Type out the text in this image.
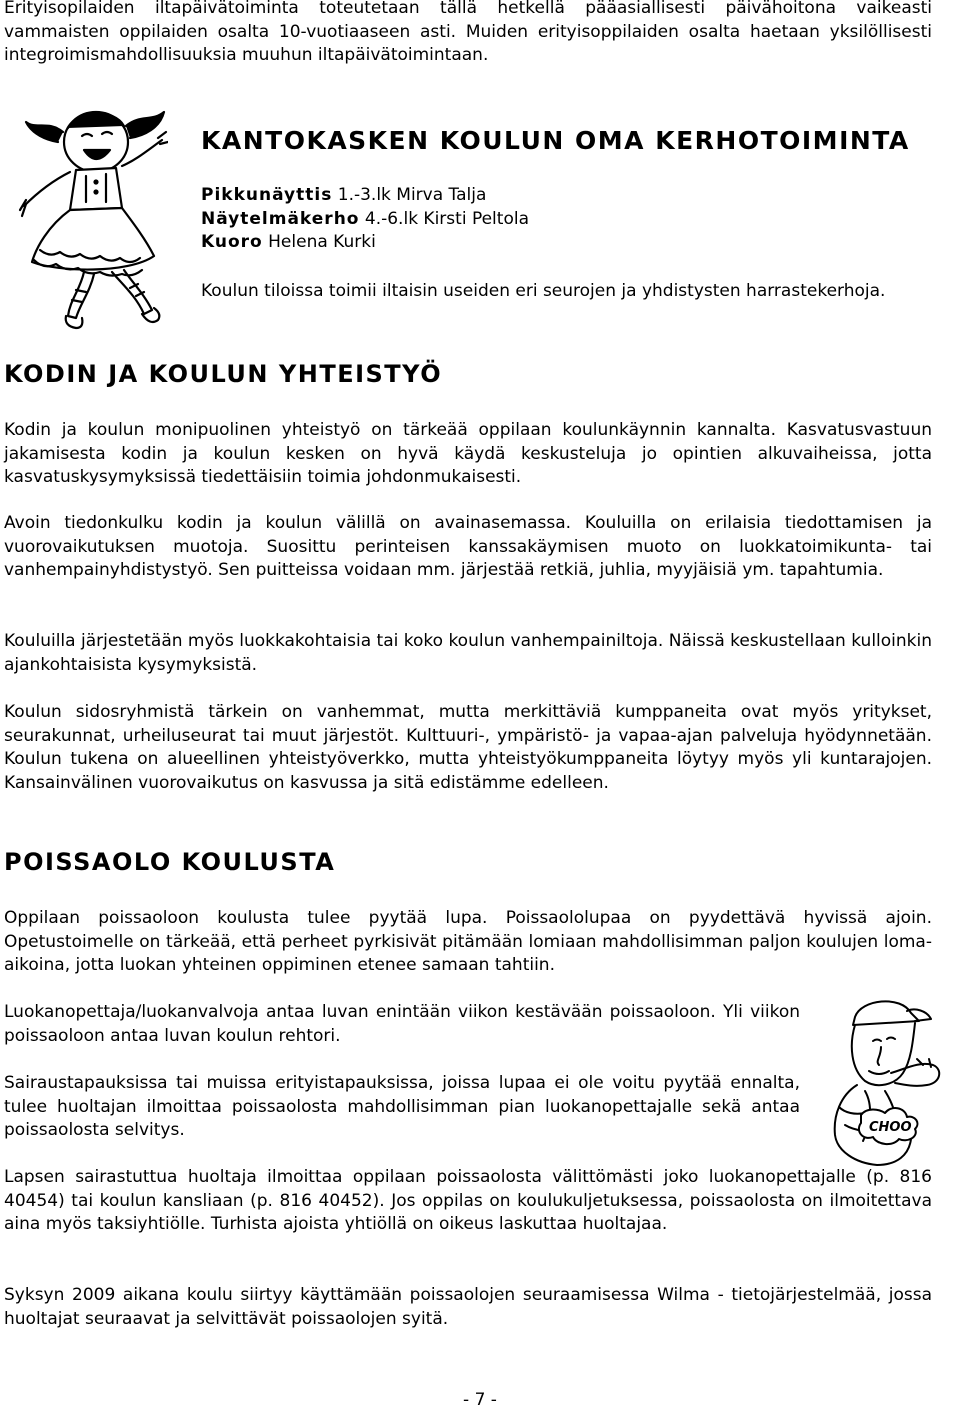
Erityisopilaiden iltapäivätoiminta toteutetaan tällä hetkellä pääasiallisesti päivähoitona vaikeasti vammaisten oppilaiden osalta 10-vuotiaaseen asti. Muiden erityisoppilaiden osalta haetaan yksilöllisesti integroimismahdollisuuksia muuhun iltapäivätoimintaan.

KANTOKASKEN KOULUN OMA KERHOTOIMINTA
Pikkunäyttis 1.-3.lk Mirva Talja
Näytelmäkerho 4.-6.lk Kirsti Peltola
Kuoro Helena Kurki

Koulun tiloissa toimii iltaisin useiden eri seurojen ja yhdistysten harrastekerhoja.

KODIN JA KOULUN YHTEISTYÖ

Kodin ja koulun monipuolinen yhteistyö on tärkeää oppilaan koulunkäynnin kannalta. Kasvatusvastuun jakamisesta kodin ja koulun kesken on hyvä käydä keskusteluja jo opintien alkuvaiheissa, jotta kasvatuskysymyksissä tiedettäisiin toimia johdonmukaisesti.

Avoin tiedonkulku kodin ja koulun välillä on avainasemassa. Kouluilla on erilaisia tiedottamisen ja vuorovaikutuksen muotoja. Suosittu perinteisen kanssakäymisen muoto on luokkatoimikunta- tai vanhempainyhdistystyö. Sen puitteissa voidaan mm. järjestää retkiä, juhlia, myyjäisiä ym. tapahtumia.

Kouluilla järjestetään myös luokkakohtaisia tai koko koulun vanhempainiltoja. Näissä keskustellaan kulloinkin ajankohtaisista kysymyksistä.

Koulun sidosryhmistä tärkein on vanhemmat, mutta merkittäviä kumppaneita ovat myös yritykset, seurakunnat, urheiluseurat tai muut järjestöt. Kulttuuri-, ympäristö- ja vapaa-ajan palveluja hyödynnetään. Koulun tukena on alueellinen yhteistyöverkko, mutta yhteistyökumppaneita löytyy myös yli kuntarajojen. Kansainvälinen vuorovaikutus on kasvussa ja sitä edistämme edelleen.

POISSAOLO KOULUSTA

Oppilaan poissaoloon koulusta tulee pyytää lupa. Poissaololupaa on pyydettävä hyvissä ajoin. Opetustoimelle on tärkeää, että perheet pyrkisivät pitämään lomiaan mahdollisimman paljon koulujen loma-aikoina, jotta luokan yhteinen oppiminen etenee samaan tahtiin.

Luokanopettaja/luokanvalvoja antaa luvan enintään viikon kestävään poissaoloon. Yli viikon poissaoloon antaa luvan koulun rehtori.

Sairaustapauksissa tai muissa erityistapauksissa, joissa lupaa ei ole voitu pyytää ennalta, tulee huoltajan ilmoittaa poissaolosta mahdollisimman pian luokanopettajalle sekä antaa poissaolosta selvitys.

Lapsen sairastuttua huoltaja ilmoittaa oppilaan poissaolosta välittömästi joko luokanopettajalle (p. 816 40454) tai koulun kansliaan (p. 816 40452). Jos oppilas on koulukuljetuksessa, poissaolosta on ilmoitettava aina myös taksiyhtiölle. Turhista ajoista yhtiöllä on oikeus laskuttaa huoltajaa.

Syksyn 2009 aikana koulu siirtyy käyttämään poissaolojen seuraamisessa Wilma - tietojärjestelmää, jossa huoltajat seuraavat ja selvittävät poissaolojen syitä.

CHOO
- 7 -
